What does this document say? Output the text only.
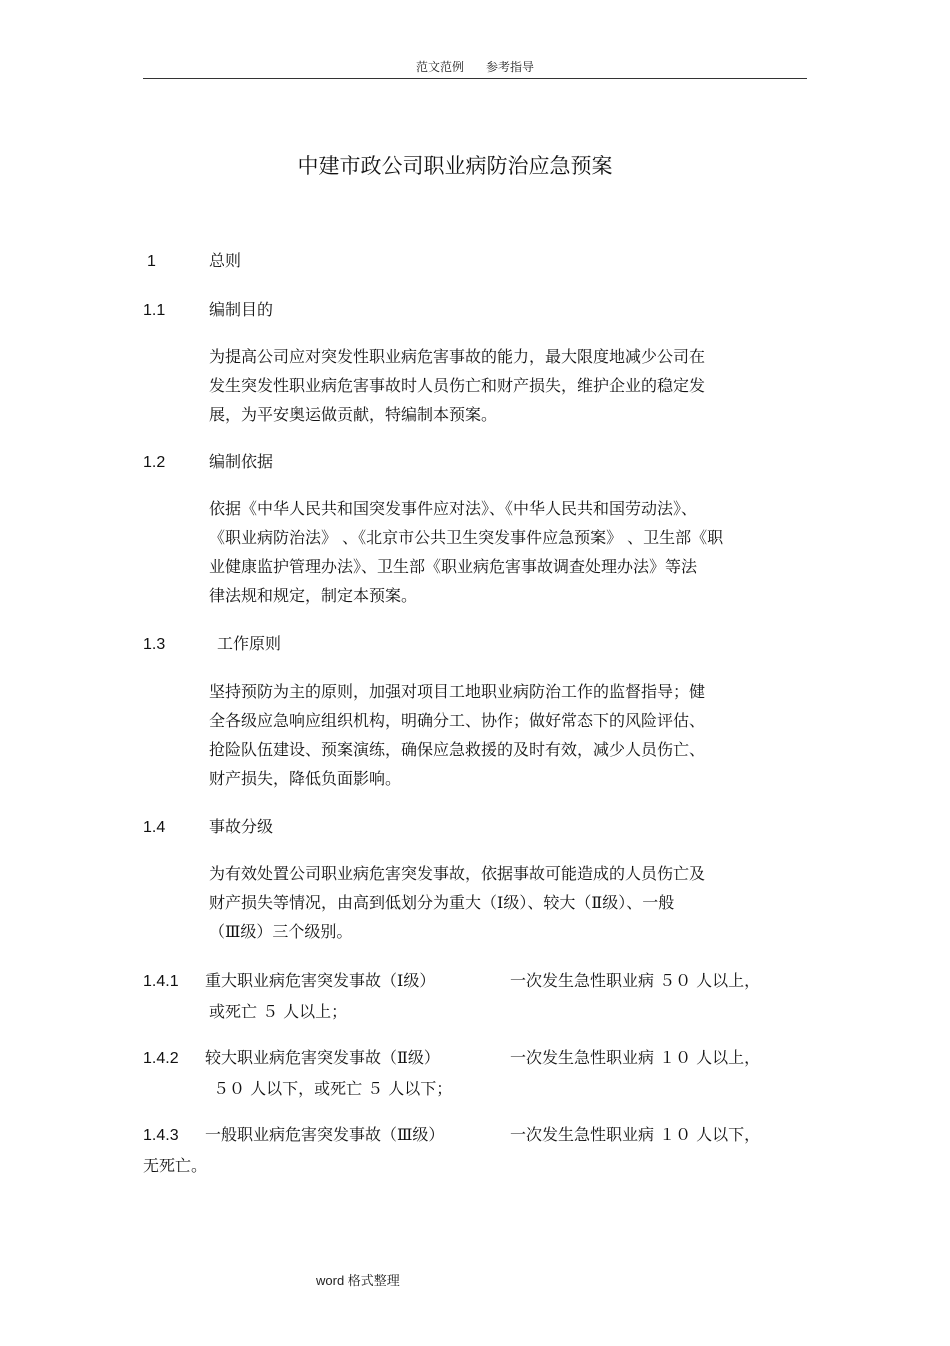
范文范例 参考指导
中建市政公司职业病防治应急预案
1	总则
1.1	编制目的
为提高公司应对突发性职业病危害事故的能力，最大限度地减少公司在
发生突发性职业病危害事故时人员伤亡和财产损失，维护企业的稳定发
展，为平安奥运做贡献，特编制本预案。
1.2	编制依据
依据《中华人民共和国突发事件应对法》、《中华人民共和国劳动法》、
《职业病防治法》 、《北京市公共卫生突发事件应急预案》 、卫生部《职
业健康监护管理办法》、卫生部《职业病危害事故调查处理办法》等法
律法规和规定，制定本预案。
1.3	工作原则
坚持预防为主的原则，加强对项目工地职业病防治工作的监督指导；健
全各级应急响应组织机构，明确分工、协作；做好常态下的风险评估、
抢险队伍建设、预案演练，确保应急救援的及时有效，减少人员伤亡、
财产损失，降低负面影响。
1.4	事故分级
为有效处置公司职业病危害突发事故，依据事故可能造成的人员伤亡及
财产损失等情况，由高到低划分为重大（Ⅰ级）、较大（Ⅱ级）、一般
（Ⅲ级）三个级别。
1.4.1 重大职业病危害突发事故（Ⅰ级）	一次发生急性职业病 ５０ 人以上，
或死亡 ５ 人以上；
1.4.2 较大职业病危害突发事故（Ⅱ级）	一次发生急性职业病 １０ 人以上，
５０ 人以下，或死亡 ５ 人以下；
1.4.3 一般职业病危害突发事故（Ⅲ级）	一次发生急性职业病 １０ 人以下，
无死亡。
word 格式整理
